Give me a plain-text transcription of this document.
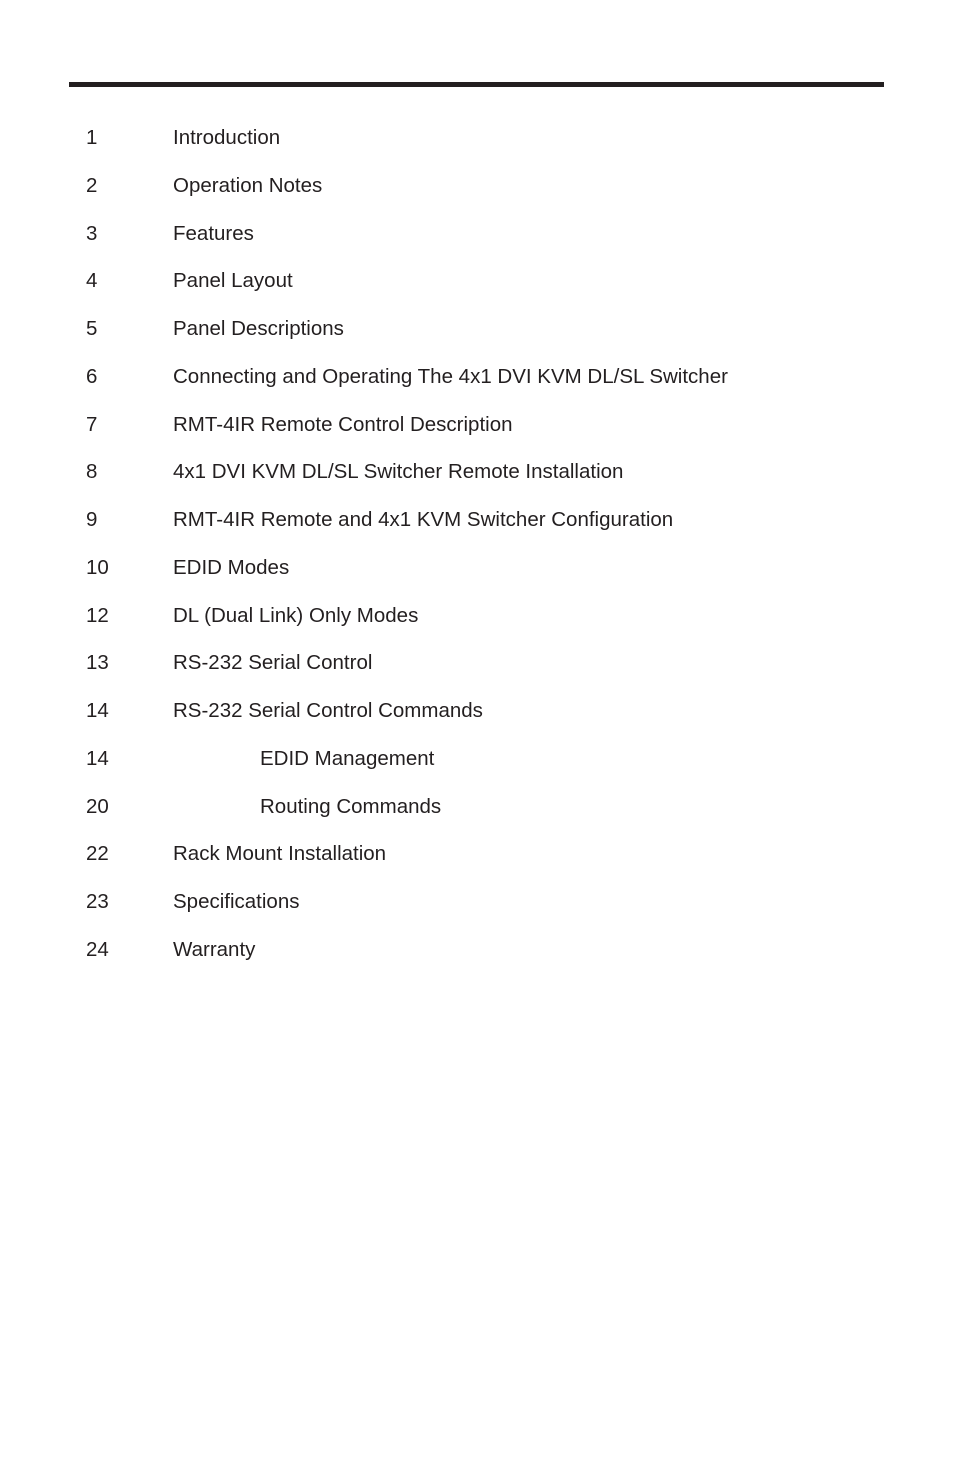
1	Introduction
2	Operation Notes
3	Features
4	Panel Layout
5	Panel Descriptions
6	Connecting and Operating The 4x1 DVI KVM DL/SL Switcher
7	RMT-4IR Remote Control Description
8	4x1 DVI KVM DL/SL Switcher Remote Installation
9	RMT-4IR Remote and 4x1 KVM Switcher Configuration
10	EDID Modes
12	DL (Dual Link) Only Modes
13	RS-232 Serial Control
14	RS-232 Serial Control Commands
14	EDID Management
20	Routing Commands
22	Rack Mount Installation
23	Specifications
24	Warranty
